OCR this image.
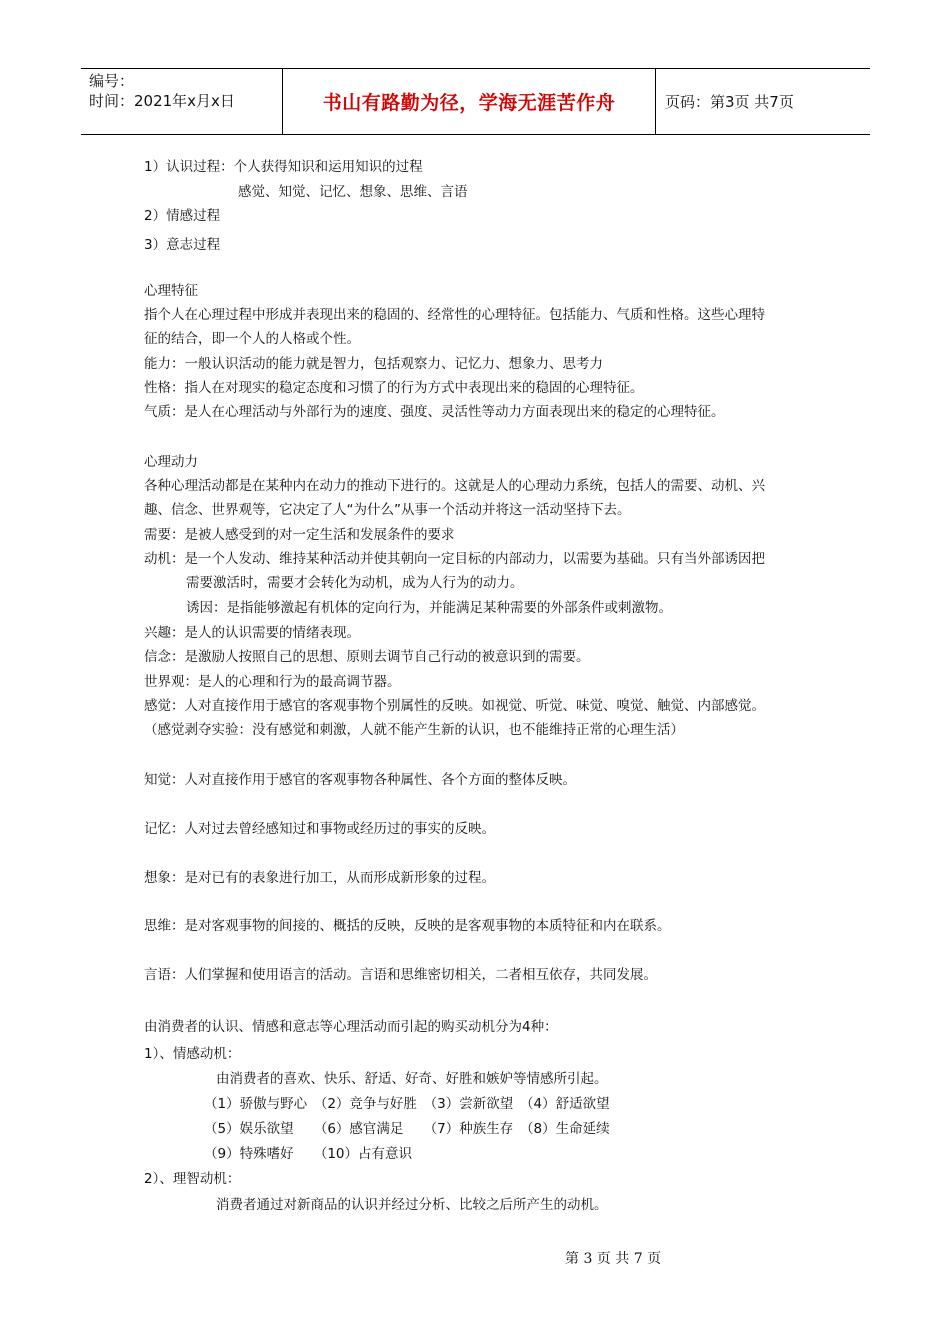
编号：
时间：2021年x月x日	书山有路勤为径，学海无涯苦作舟	页码：第3页 共7页
1）认识过程：个人获得知识和运用知识的过程
感觉、知觉、记忆、想象、思维、言语
2）情感过程
3）意志过程
心理特征
指个人在心理过程中形成并表现出来的稳固的、经常性的心理特征。包括能力、气质和性格。这些心理特
征的结合，即一个人的人格或个性。
能力：一般认识活动的能力就是智力，包括观察力、记忆力、想象力、思考力
性格：指人在对现实的稳定态度和习惯了的行为方式中表现出来的稳固的心理特征。
气质：是人在心理活动与外部行为的速度、强度、灵活性等动力方面表现出来的稳定的心理特征。
心理动力
各种心理活动都是在某种内在动力的推动下进行的。这就是人的心理动力系统，包括人的需要、动机、兴
趣、信念、世界观等，它决定了人“为什么”从事一个活动并将这一活动坚持下去。
需要：是被人感受到的对一定生活和发展条件的要求
动机：是一个人发动、维持某种活动并使其朝向一定目标的内部动力，以需要为基础。只有当外部诱因把
需要激活时，需要才会转化为动机，成为人行为的动力。
诱因：是指能够激起有机体的定向行为，并能满足某种需要的外部条件或刺激物。
兴趣：是人的认识需要的情绪表现。
信念：是激励人按照自己的思想、原则去调节自己行动的被意识到的需要。
世界观：是人的心理和行为的最高调节器。
感觉：人对直接作用于感官的客观事物个别属性的反映。如视觉、听觉、味觉、嗅觉、触觉、内部感觉。
（感觉剥夺实验：没有感觉和刺激，人就不能产生新的认识，也不能维持正常的心理生活）
知觉：人对直接作用于感官的客观事物各种属性、各个方面的整体反映。
记忆：人对过去曾经感知过和事物或经历过的事实的反映。
想象：是对已有的表象进行加工，从而形成新形象的过程。
思维：是对客观事物的间接的、概括的反映，反映的是客观事物的本质特征和内在联系。
言语：人们掌握和使用语言的活动。言语和思维密切相关，二者相互依存，共同发展。
由消费者的认识、情感和意志等心理活动而引起的购买动机分为4种：
1）、情感动机：
由消费者的喜欢、快乐、舒适、好奇、好胜和嫉妒等情感所引起。
（1）骄傲与野心　（2）竞争与好胜　（3）尝新欲望　（4）舒适欲望
（5）娱乐欲望　　（6）感官满足　　（7）种族生存　（8）生命延续
（9）特殊嗜好　　（10）占有意识
2）、理智动机：
消费者通过对新商品的认识并经过分析、比较之后所产生的动机。
第 3 页 共 7 页
